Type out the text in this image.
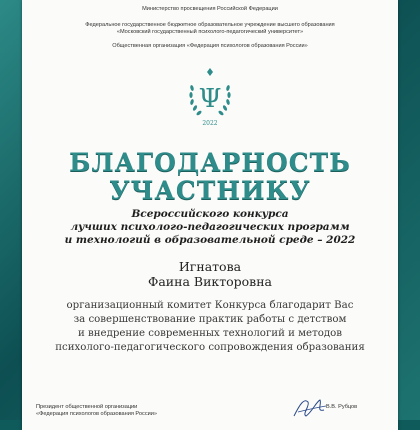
Министерство просвещения Российской Федерации
Федеральное государственное бюджетное образовательное учреждение высшего образования
«Московский государственный психолого-педагогический университет»
Общественная организация «Федерация психологов образования России»
Ψ
2022
БЛАГОДАРНОСТЬ
УЧАСТНИКУ
Всероссийского конкурса
лучших психолого-педагогических программ
и технологий в образовательной среде – 2022
Игнатова
Фаина Викторовна
организационный комитет Конкурса благодарит Вас
за совершенствование практик работы с детством
и внедрение современных технологий и методов
психолого-педагогического сопровождения образования
Президент общественной организации
«Федерация психологов образования России»
В.В. Рубцов
